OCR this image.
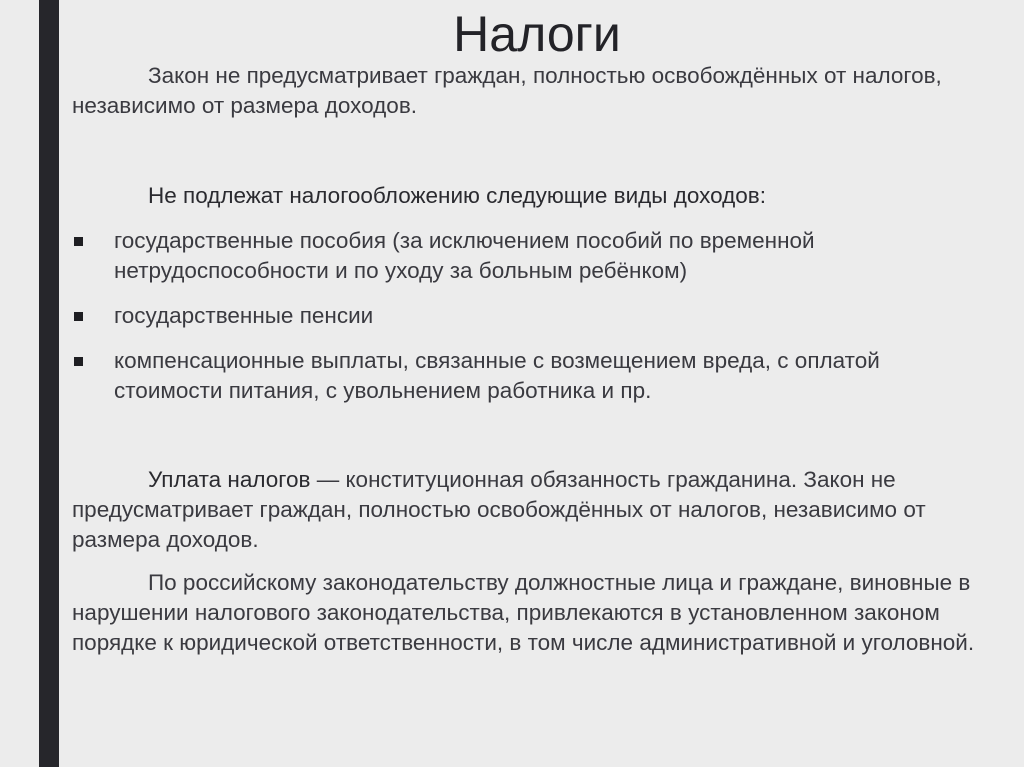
Налоги

Закон не предусматривает граждан, полностью освобождённых от налогов, независимо от размера доходов.

Не подлежат налогообложению следующие виды доходов:
государственные пособия (за исключением пособий по временной нетрудоспособности и по уходу за больным ребёнком)
государственные пенсии
компенсационные выплаты, связанные с возмещением вреда, с оплатой стоимости питания, с увольнением работника и пр.

Уплата налогов — конституционная обязанность гражданина. Закон не предусматривает граждан, полностью освобождённых от налогов, независимо от размера доходов.

По российскому законодательству должностные лица и граждане, виновные в нарушении налогового законодательства, привлекаются в установленном законом порядке к юридической ответственности, в том числе административной и уголовной.
